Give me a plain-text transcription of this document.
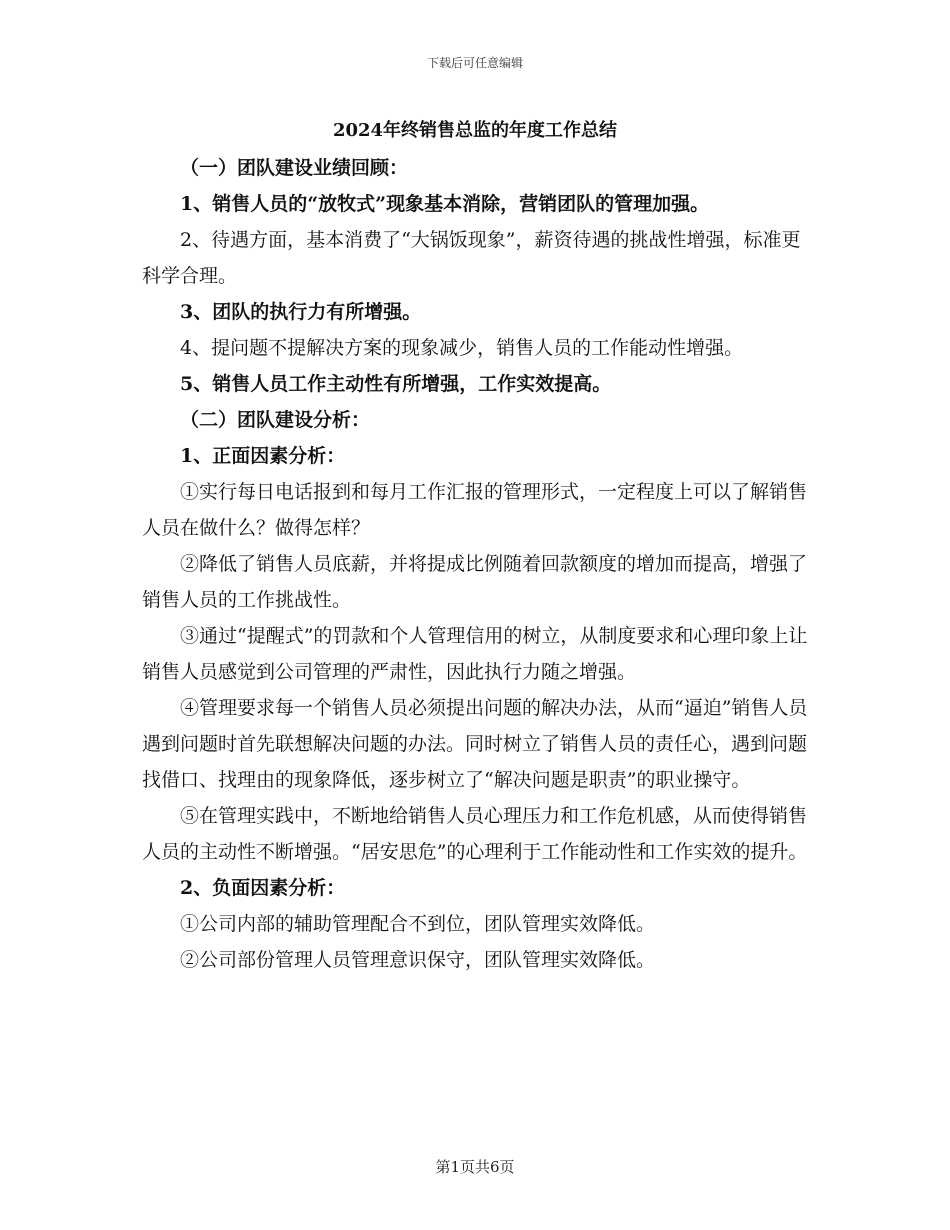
下载后可任意编辑
2024年终销售总监的年度工作总结

（一）团队建设业绩回顾：

1、销售人员的“放牧式”现象基本消除，营销团队的管理加强。

2、待遇方面，基本消费了“大锅饭现象”，薪资待遇的挑战性增强，标准更科学合理。

3、团队的执行力有所增强。

4、提问题不提解决方案的现象减少，销售人员的工作能动性增强。

5、销售人员工作主动性有所增强，工作实效提高。

（二）团队建设分析：

1、正面因素分析：

①实行每日电话报到和每月工作汇报的管理形式，一定程度上可以了解销售人员在做什么？做得怎样？

②降低了销售人员底薪，并将提成比例随着回款额度的增加而提高，增强了销售人员的工作挑战性。

③通过“提醒式”的罚款和个人管理信用的树立，从制度要求和心理印象上让销售人员感觉到公司管理的严肃性，因此执行力随之增强。

④管理要求每一个销售人员必须提出问题的解决办法，从而“逼迫”销售人员遇到问题时首先联想解决问题的办法。同时树立了销售人员的责任心，遇到问题找借口、找理由的现象降低，逐步树立了“解决问题是职责”的职业操守。

⑤在管理实践中，不断地给销售人员心理压力和工作危机感，从而使得销售人员的主动性不断增强。“居安思危”的心理利于工作能动性和工作实效的提升。

2、负面因素分析：

①公司内部的辅助管理配合不到位，团队管理实效降低。

②公司部份管理人员管理意识保守，团队管理实效降低。

第1页共6页
